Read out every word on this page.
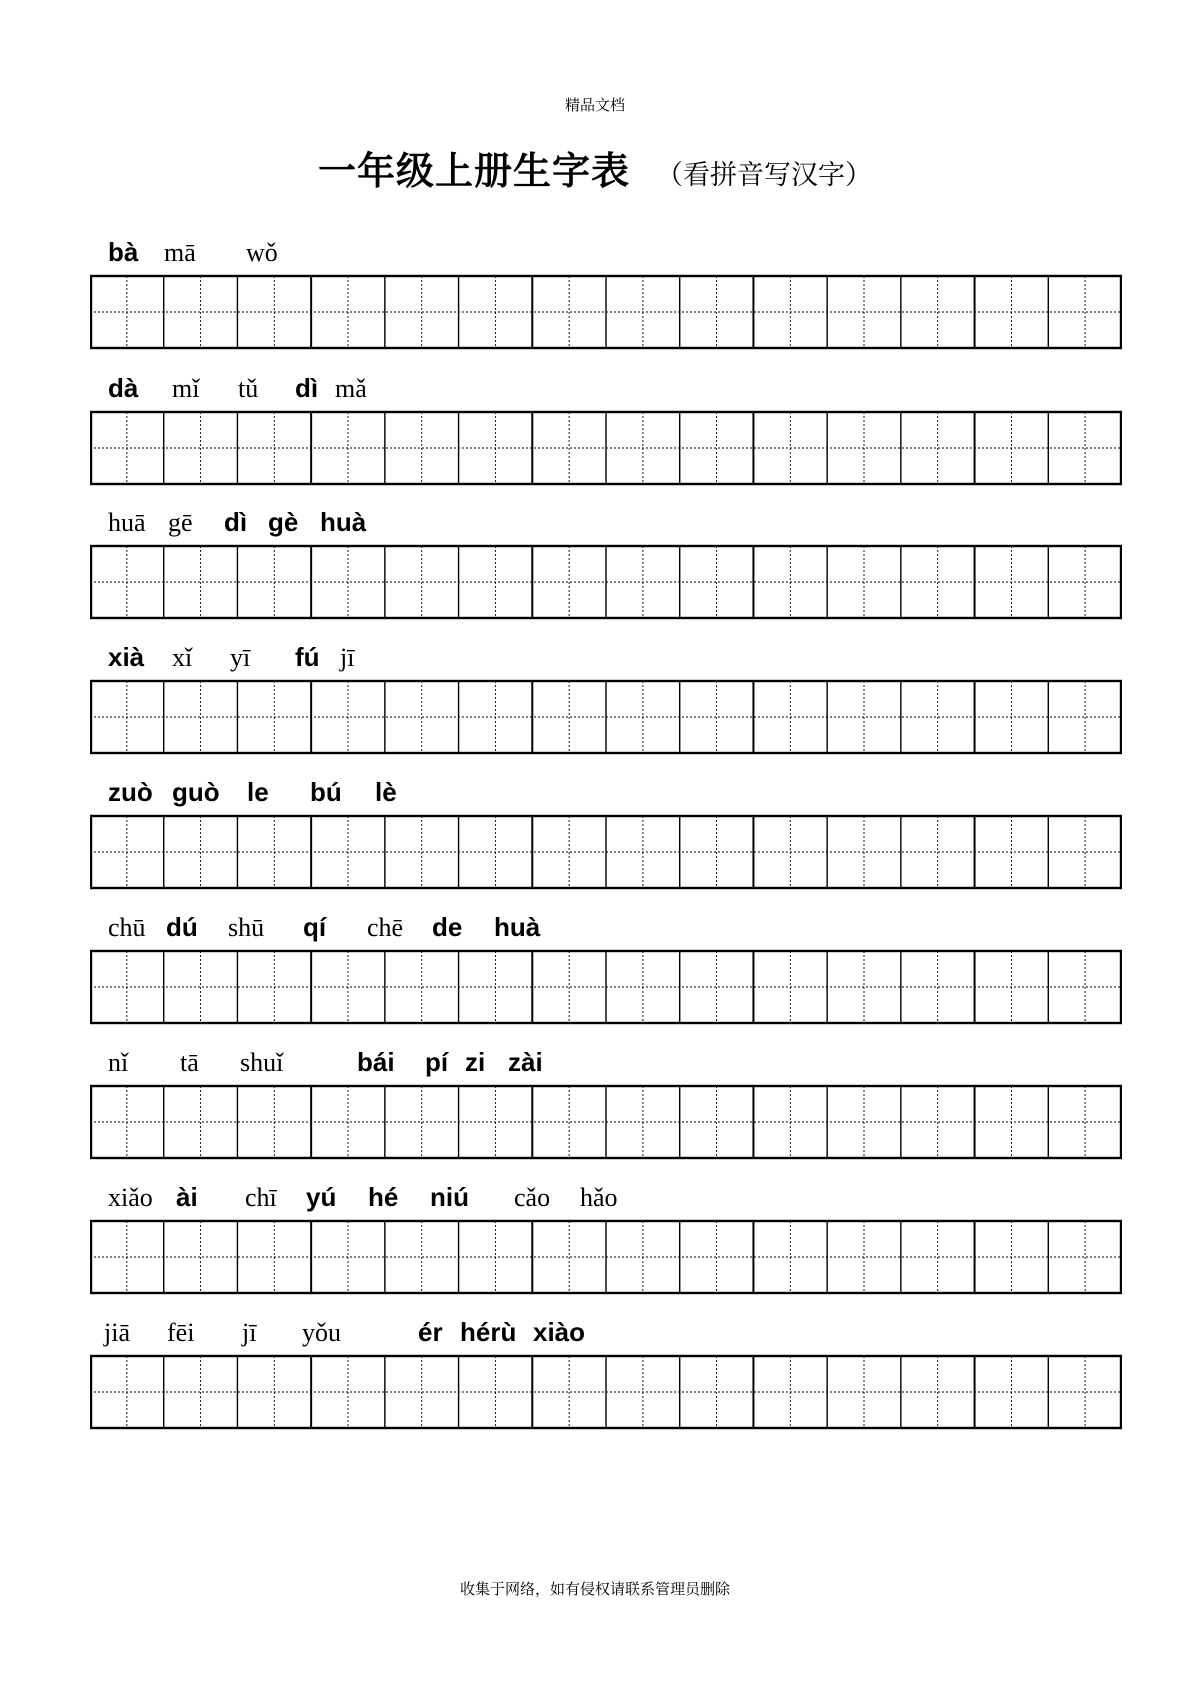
精品文档
一年级上册生字表 （看拼音写汉字）
bà mā wǒ
dà mǐ tǔ dì mǎ
huā gē dì gè huà
xià xǐ yī fú jī
zuò guò le bú lè
chū dú shū qí chē de huà
nǐ tā shuǐ	bái pí zi zài
xiǎo ài chī yú hé niú cǎo hǎo
jiā fēi jī yǒu	ér hérù xiào
收集于网络，如有侵权请联系管理员删除
